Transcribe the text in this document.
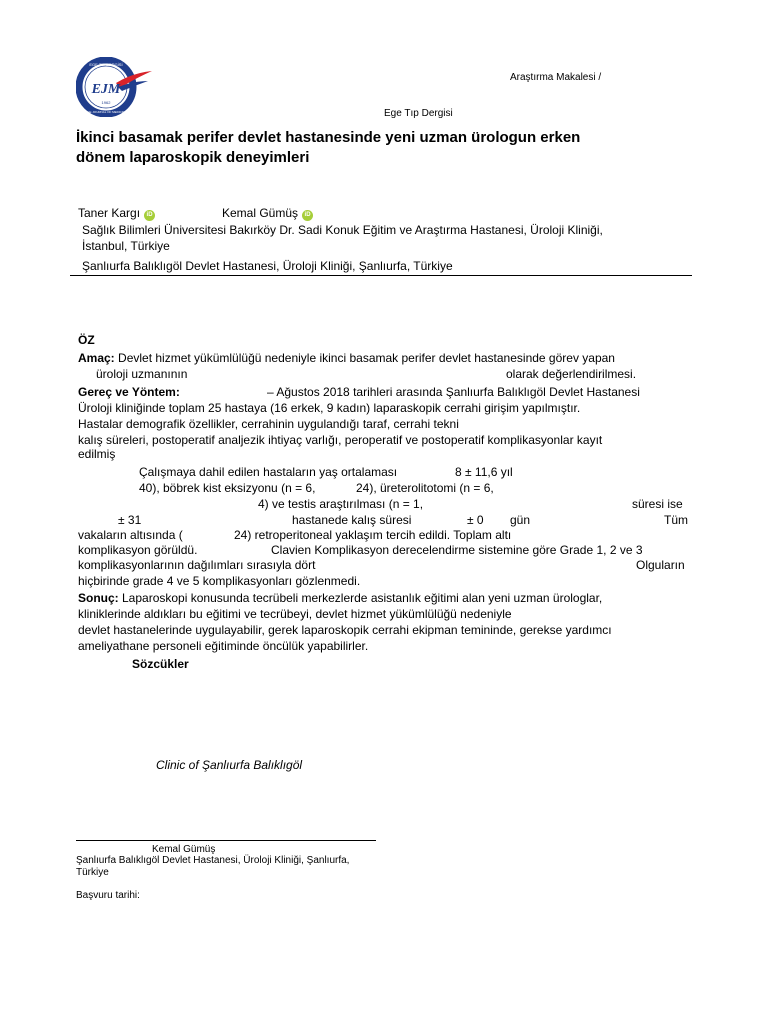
EJM
1962
EGE TIP DERGİSİ
EGE JOURNAL OF MEDICINE
Araştırma Makalesi /
Ege Tıp Dergisi
İkinci basamak perifer devlet hastanesinde yeni uzman ürologun erken
dönem laparoskopik deneyimleri
Taner Kargı iD	Kemal Gümüş iD
Sağlık Bilimleri Üniversitesi Bakırköy Dr. Sadi Konuk Eğitim ve Araştırma Hastanesi, Üroloji Kliniği,
İstanbul, Türkiye
Şanlıurfa Balıklıgöl Devlet Hastanesi, Üroloji Kliniği, Şanlıurfa, Türkiye
ÖZ
Amaç: Devlet hizmet yükümlülüğü nedeniyle ikinci basamak perifer devlet hastanesinde görev yapan
üroloji uzmanının	olarak değerlendirilmesi.
Gereç ve Yöntem:	– Ağustos 2018 tarihleri arasında Şanlıurfa Balıklıgöl Devlet Hastanesi
Üroloji kliniğinde toplam 25 hastaya (16 erkek, 9 kadın) laparaskopik cerrahi girişim yapılmıştır.
Hastalar demografik özellikler, cerrahinin uygulandığı taraf, cerrahi tekni
kalış süreleri, postoperatif analjezik ihtiyaç varlığı, peroperatif ve postoperatif komplikasyonlar kayıt
edilmiş
Çalışmaya dahil edilen hastaların yaş ortalaması	8 ± 11,6 yıl
40), böbrek kist eksizyonu (n = 6,	24), üreterolitotomi (n = 6,
4) ve testis araştırılması (n = 1,	süresi ise
± 31	hastanede kalış süresi	± 0 gün	Tüm
vakaların altısında (	24) retroperitoneal yaklaşım tercih edildi. Toplam altı
komplikasyon görüldü.	Clavien Komplikasyon derecelendirme sistemine göre Grade 1, 2 ve 3
komplikasyonlarının dağılımları sırasıyla dört	Olguların
hiçbirinde grade 4 ve 5 komplikasyonları gözlenmedi.
Sonuç: Laparoskopi konusunda tecrübeli merkezlerde asistanlık eğitimi alan yeni uzman ürologlar,
kliniklerinde aldıkları bu eğitimi ve tecrübeyi, devlet hizmet yükümlülüğü nedeniyle
devlet hastanelerinde uygulayabilir, gerek laparoskopik cerrahi ekipman temininde, gerekse yardımcı
ameliyathane personeli eğitiminde öncülük yapabilirler.
Sözcükler
Clinic of Şanlıurfa Balıklıgöl
Kemal Gümüş
Şanlıurfa Balıklıgöl Devlet Hastanesi, Üroloji Kliniği, Şanlıurfa,
Türkiye
Başvuru tarihi:
